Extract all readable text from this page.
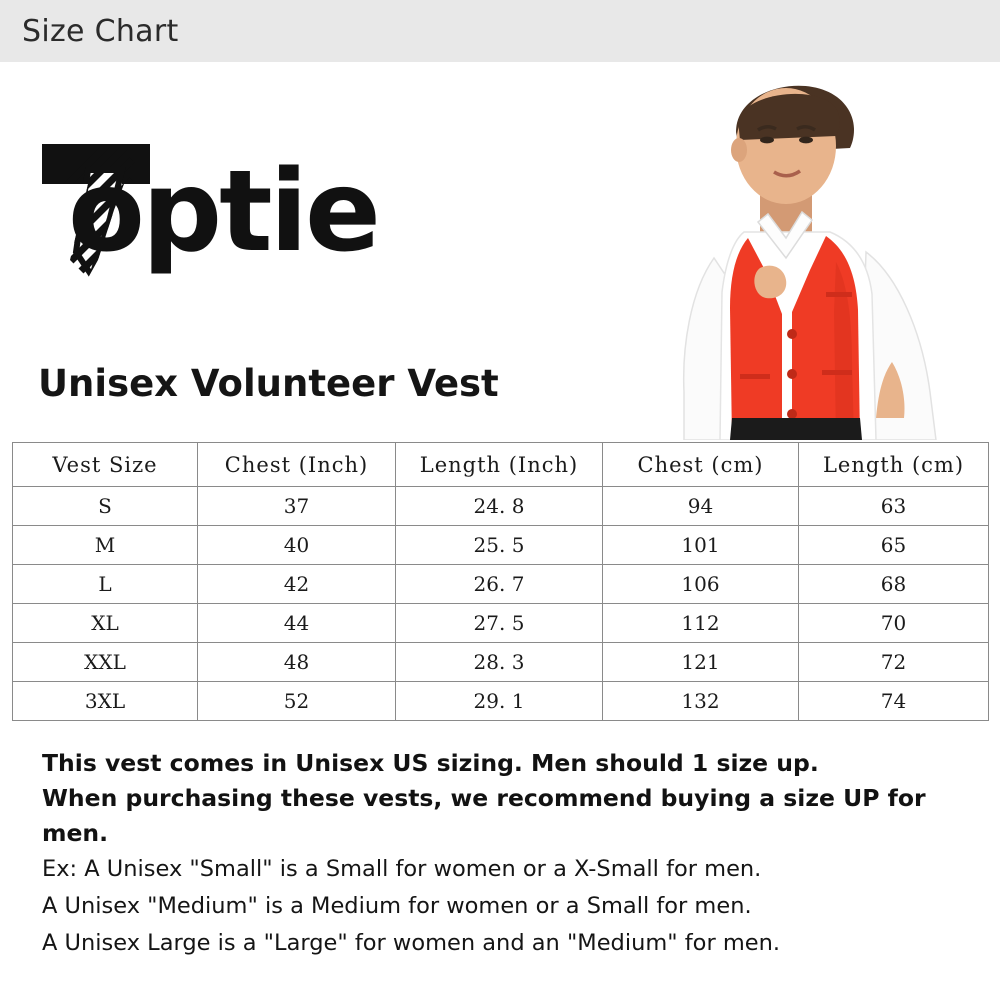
Size Chart
optie
Unisex Volunteer Vest
Vest Size	Chest (Inch)	Length (Inch)	Chest (cm)	Length (cm)
S	37	24. 8	94	63
M	40	25. 5	101	65
L	42	26. 7	106	68
XL	44	27. 5	112	70
XXL	48	28. 3	121	72
3XL	52	29. 1	132	74
This vest comes in Unisex US sizing. Men should 1 size up.
When purchasing these vests, we recommend buying a size UP for
men.
Ex: A Unisex "Small" is a Small for women or a X-Small for men.
A Unisex "Medium" is a Medium for women or a Small for men.
A Unisex Large is a "Large" for women and an "Medium" for men.
